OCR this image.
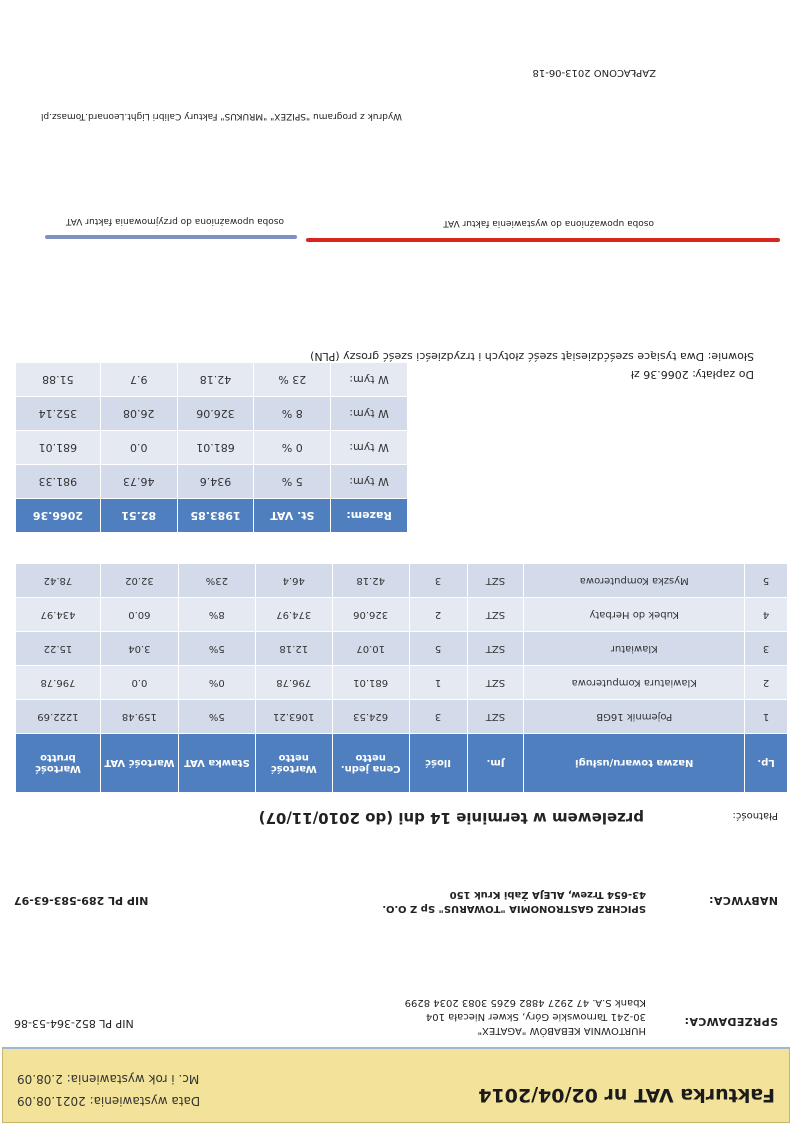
Fakturka VAT nr 02/04/2014
Data wystawienia: 2021.08.09
Mc. i rok wystawienia: 2.08.09
SPRZEDAWCA:
HURTOWNIA KEBABÓW "AGATEX"
30-241 Tarnowskie Góry, Skwer Niecała 104
Kbank S.A. 47 2927 4882 6265 3083 2034 8299
NIP PL 852-364-53-86
NABYWCA:
SPICHRZ GASTRONOMIA "TOWARUS" Sp Z O.O.
43-654 Trzew, ALEJA Żabi Kruk 150
NIP PL 289-583-63-97
Płatność:
przelewem w terminie 14 dni (do 2010/11/07)
Lp.	Nazwa towaru/usługi	Jm.	Ilość	Cena jedn. netto	Wartość netto	Stawka VAT	Wartość VAT	Wartość brutto
1	Pojemnik 16GB	SZT	3	624.53	1063.21	5%	159.48	1222.69
2	Klawiatura Komputerowa	SZT	1	681.01	796.78	0%	0.0	796.78
3	Klawiatur	SZT	5	10.07	12.18	5%	3.04	15.22
4	Kubek do Herbaty	SZT	2	326.06	374.97	8%	60.0	434.97
5	Myszka Komputerowa	SZT	3	42.18	46.4	23%	32.02	78.42
Razem:	St. VAT	1983.85	82.51	2066.36
W tym:	5 %	934.6	46.73	981.33
W tym:	0 %	681.01	0.0	681.01
W tym:	8 %	326.06	26.08	352.14
W tym:	23 %	42.18	9.7	51.88	Do zapłaty: 2066.36 zł
Słownie: Dwa tysiące sześćdziesiąt sześć złotych i trzydzieści sześć groszy (PLN)
osoba upoważniona do wystawienia faktur VAT
osoba upoważniona do przyjmowania faktur VAT
Wydruk z programu "SPIZEX" "MRUKUS" Faktury Calibri Light.Leonard.Tomasz.pl
ZAPŁACONO 2013-06-18
